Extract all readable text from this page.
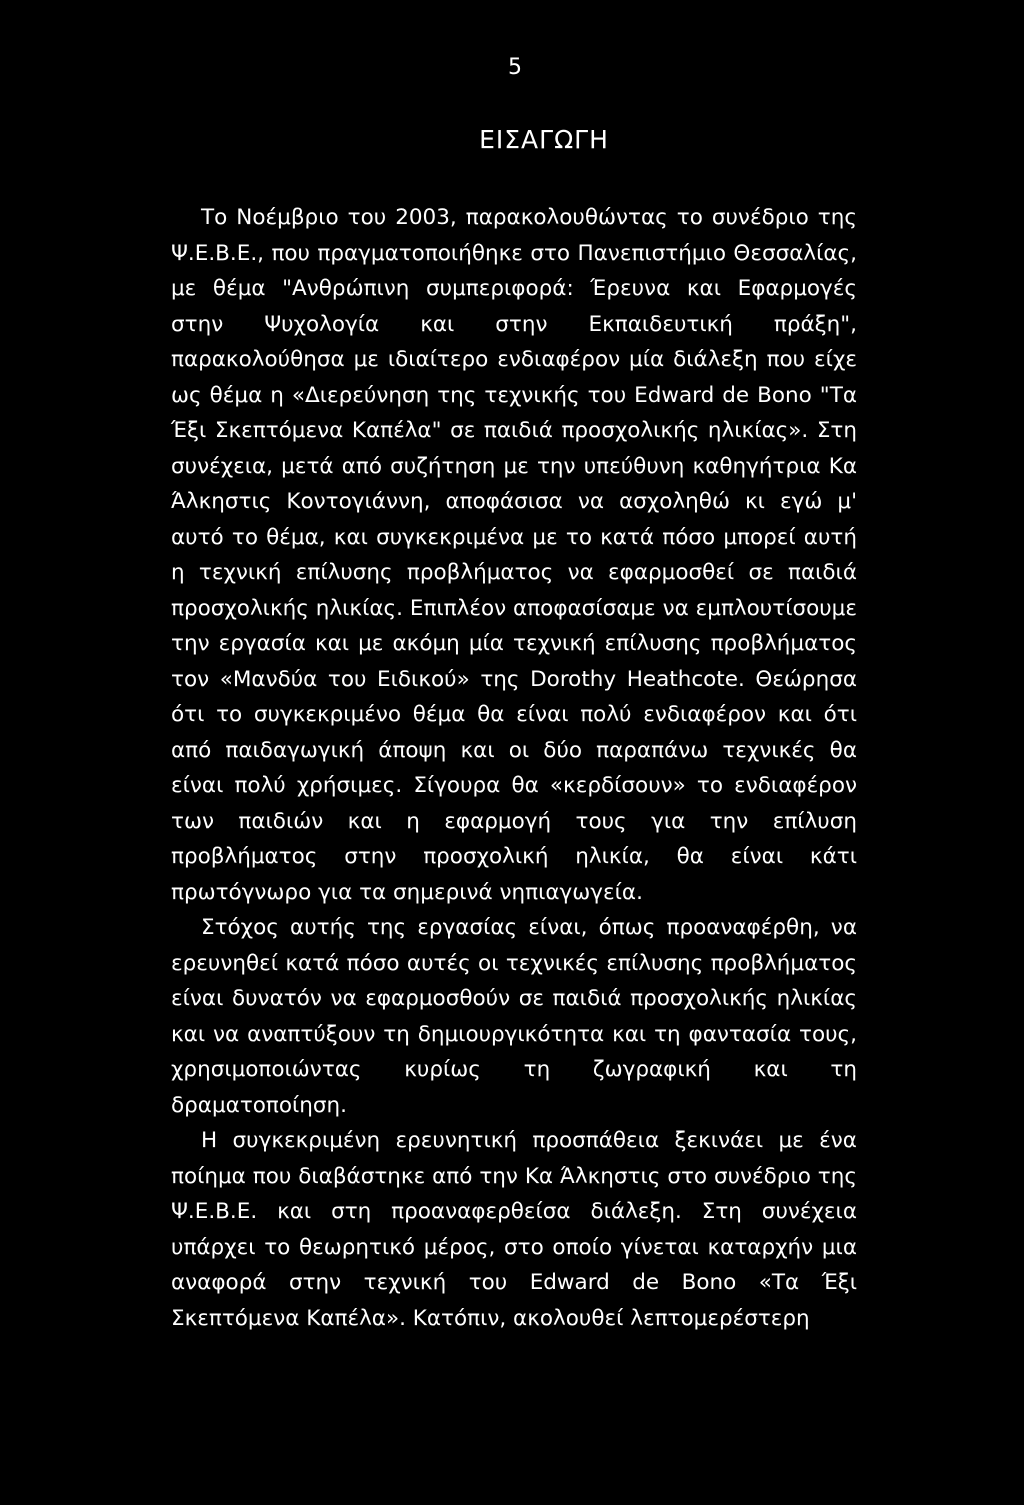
5
ΕΙΣΑΓΩΓΗ

Το Νοέμβριο του 2003, παρακολουθώντας το συνέδριο της Ψ.Ε.Β.Ε., που πραγματοποιήθηκε στο Πανεπιστήμιο Θεσσαλίας, με θέμα "Ανθρώπινη συμπεριφορά: Έρευνα και Εφαρμογές στην Ψυχολογία και στην Εκπαιδευτική πράξη", παρακολούθησα με ιδιαίτερο ενδιαφέρον μία διάλεξη που είχε ως θέμα η «Διερεύνηση της τεχνικής του Edward de Bono "Τα Έξι Σκεπτόμενα Καπέλα" σε παιδιά προσχολικής ηλικίας». Στη συνέχεια, μετά από συζήτηση με την υπεύθυνη καθηγήτρια Κα Άλκηστις Κοντογιάννη, αποφάσισα να ασχοληθώ κι εγώ μ' αυτό το θέμα, και συγκεκριμένα με το κατά πόσο μπορεί αυτή η τεχνική επίλυσης προβλήματος να εφαρμοσθεί σε παιδιά προσχολικής ηλικίας. Επιπλέον αποφασίσαμε να εμπλουτίσουμε την εργασία και με ακόμη μία τεχνική επίλυσης προβλήματος τον «Μανδύα του Ειδικού» της Dorothy Heathcote. Θεώρησα ότι το συγκεκριμένο θέμα θα είναι πολύ ενδιαφέρον και ότι από παιδαγωγική άποψη και οι δύο παραπάνω τεχνικές θα είναι πολύ χρήσιμες. Σίγουρα θα «κερδίσουν» το ενδιαφέρον των παιδιών και η εφαρμογή τους για την επίλυση προβλήματος στην προσχολική ηλικία, θα είναι κάτι πρωτόγνωρο για τα σημερινά νηπιαγωγεία.

Στόχος αυτής της εργασίας είναι, όπως προαναφέρθη, να ερευνηθεί κατά πόσο αυτές οι τεχνικές επίλυσης προβλήματος είναι δυνατόν να εφαρμοσθούν σε παιδιά προσχολικής ηλικίας και να αναπτύξουν τη δημιουργικότητα και τη φαντασία τους, χρησιμοποιώντας κυρίως τη ζωγραφική και τη δραματοποίηση.

Η συγκεκριμένη ερευνητική προσπάθεια ξεκινάει με ένα ποίημα που διαβάστηκε από την Κα Άλκηστις στο συνέδριο της Ψ.Ε.Β.Ε. και στη προαναφερθείσα διάλεξη. Στη συνέχεια υπάρχει το θεωρητικό μέρος, στο οποίο γίνεται καταρχήν μια αναφορά στην τεχνική του Edward de Bono «Τα Έξι Σκεπτόμενα Καπέλα». Κατόπιν, ακολουθεί λεπτομερέστερη
